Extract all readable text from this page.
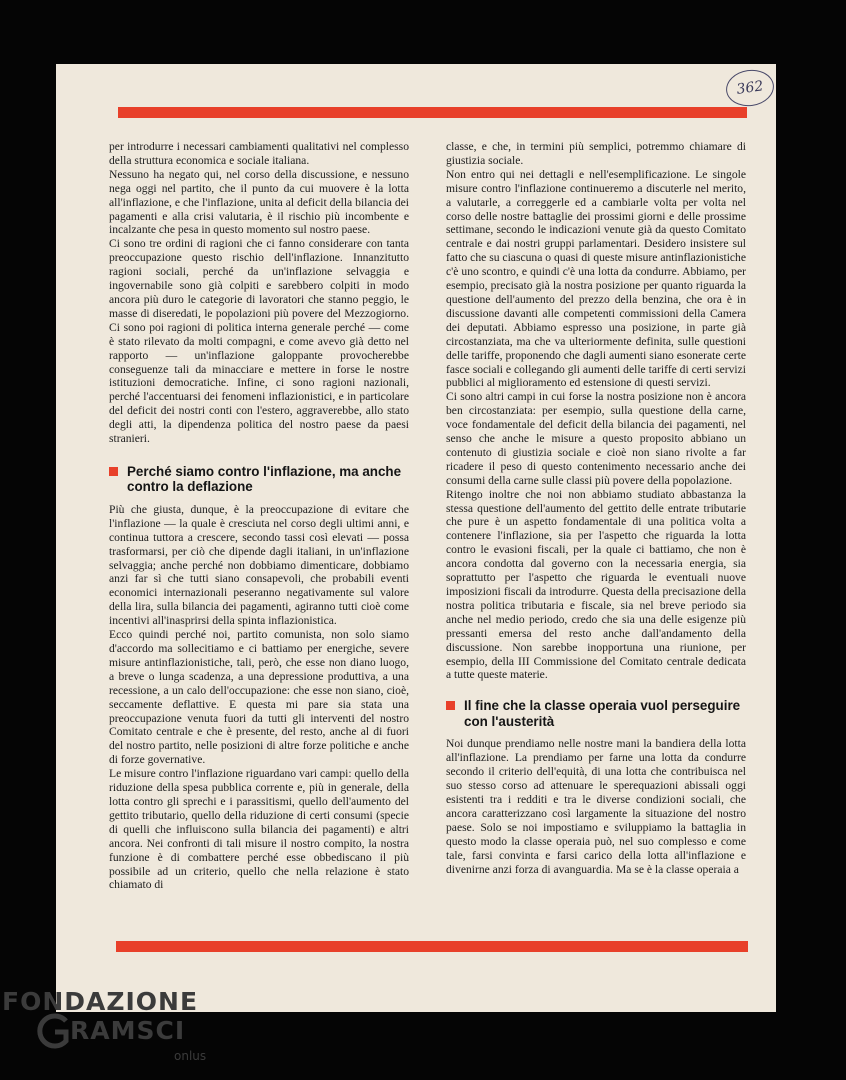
362

per introdurre i necessari cambiamenti qualitativi nel complesso della struttura economica e sociale italiana.

Nessuno ha negato qui, nel corso della discussione, e nessuno nega oggi nel partito, che il punto da cui muovere è la lotta all'inflazione, e che l'inflazione, unita al deficit della bilancia dei pagamenti e alla crisi valutaria, è il rischio più incombente e incalzante che pesa in questo momento sul nostro paese.

Ci sono tre ordini di ragioni che ci fanno considerare con tanta preoccupazione questo rischio dell'inflazione. Innanzitutto ragioni sociali, perché da un'inflazione selvaggia e ingovernabile sono già colpiti e sarebbero colpiti in modo ancora più duro le categorie di lavoratori che stanno peggio, le masse di diseredati, le popolazioni più povere del Mezzogiorno. Ci sono poi ragioni di politica interna generale perché — come è stato rilevato da molti compagni, e come avevo già detto nel rapporto — un'inflazione galoppante provocherebbe conseguenze tali da minacciare e mettere in forse le nostre istituzioni democratiche. Infine, ci sono ragioni nazionali, perché l'accentuarsi dei fenomeni inflazionistici, e in particolare del deficit dei nostri conti con l'estero, aggraverebbe, allo stato degli atti, la dipendenza politica del nostro paese da paesi stranieri.

Perché siamo contro l'inflazione, ma anche contro la deflazione

Più che giusta, dunque, è la preoccupazione di evitare che l'inflazione — la quale è cresciuta nel corso degli ultimi anni, e continua tuttora a crescere, secondo tassi così elevati — possa trasformarsi, per ciò che dipende dagli italiani, in un'inflazione selvaggia; anche perché non dobbiamo dimenticare, dobbiamo anzi far sì che tutti siano consapevoli, che probabili eventi economici internazionali peseranno negativamente sul valore della lira, sulla bilancia dei pagamenti, agiranno tutti cioè come incentivi all'inasprirsi della spinta inflazionistica.

Ecco quindi perché noi, partito comunista, non solo siamo d'accordo ma sollecitiamo e ci battiamo per energiche, severe misure antinflazionistiche, tali, però, che esse non diano luogo, a breve o lunga scadenza, a una depressione produttiva, a una recessione, a un calo dell'occupazione: che esse non siano, cioè, seccamente deflattive. E questa mi pare sia stata una preoccupazione venuta fuori da tutti gli interventi del nostro Comitato centrale e che è presente, del resto, anche al di fuori del nostro partito, nelle posizioni di altre forze politiche e anche di forze governative.

Le misure contro l'inflazione riguardano vari campi: quello della riduzione della spesa pubblica corrente e, più in generale, della lotta contro gli sprechi e i parassitismi, quello dell'aumento del gettito tributario, quello della riduzione di certi consumi (specie di quelli che influiscono sulla bilancia dei pagamenti) e altri ancora. Nei confronti di tali misure il nostro compito, la nostra funzione è di combattere perché esse obbediscano il più possibile ad un criterio, quello che nella relazione è stato chiamato di

classe, e che, in termini più semplici, potremmo chiamare di giustizia sociale.

Non entro qui nei dettagli e nell'esemplificazione. Le singole misure contro l'inflazione continueremo a discuterle nel merito, a valutarle, a correggerle ed a cambiarle volta per volta nel corso delle nostre battaglie dei prossimi giorni e delle prossime settimane, secondo le indicazioni venute già da questo Comitato centrale e dai nostri gruppi parlamentari. Desidero insistere sul fatto che su ciascuna o quasi di queste misure antinflazionistiche c'è uno scontro, e quindi c'è una lotta da condurre. Abbiamo, per esempio, precisato già la nostra posizione per quanto riguarda la questione dell'aumento del prezzo della benzina, che ora è in discussione davanti alle competenti commissioni della Camera dei deputati. Abbiamo espresso una posizione, in parte già circostanziata, ma che va ulteriormente definita, sulle questioni delle tariffe, proponendo che dagli aumenti siano esonerate certe fasce sociali e collegando gli aumenti delle tariffe di certi servizi pubblici al miglioramento ed estensione di questi servizi.

Ci sono altri campi in cui forse la nostra posizione non è ancora ben circostanziata: per esempio, sulla questione della carne, voce fondamentale del deficit della bilancia dei pagamenti, nel senso che anche le misure a questo proposito abbiano un contenuto di giustizia sociale e cioè non siano rivolte a far ricadere il peso di questo contenimento necessario anche dei consumi della carne sulle classi più povere della popolazione.

Ritengo inoltre che noi non abbiamo studiato abbastanza la stessa questione dell'aumento del gettito delle entrate tributarie che pure è un aspetto fondamentale di una politica volta a contenere l'inflazione, sia per l'aspetto che riguarda la lotta contro le evasioni fiscali, per la quale ci battiamo, che non è ancora condotta dal governo con la necessaria energia, sia soprattutto per l'aspetto che riguarda le eventuali nuove imposizioni fiscali da introdurre. Questa della precisazione della nostra politica tributaria e fiscale, sia nel breve periodo sia anche nel medio periodo, credo che sia una delle esigenze più pressanti emersa del resto anche dall'andamento della discussione. Non sarebbe inopportuna una riunione, per esempio, della III Commissione del Comitato centrale dedicata a tutte queste materie.

Il fine che la classe operaia vuol perseguire con l'austerità

Noi dunque prendiamo nelle nostre mani la bandiera della lotta all'inflazione. La prendiamo per farne una lotta da condurre secondo il criterio dell'equità, di una lotta che contribuisca nel suo stesso corso ad attenuare le sperequazioni abissali oggi esistenti tra i redditi e tra le diverse condizioni sociali, che ancora caratterizzano così largamente la situazione del nostro paese. Solo se noi impostiamo e sviluppiamo la battaglia in questo modo la classe operaia può, nel suo complesso e come tale, farsi convinta e farsi carico della lotta all'inflazione e divenirne anzi forza di avanguardia. Ma se è la classe operaia a

FONDAZIONE
RAMSCI
onlus
